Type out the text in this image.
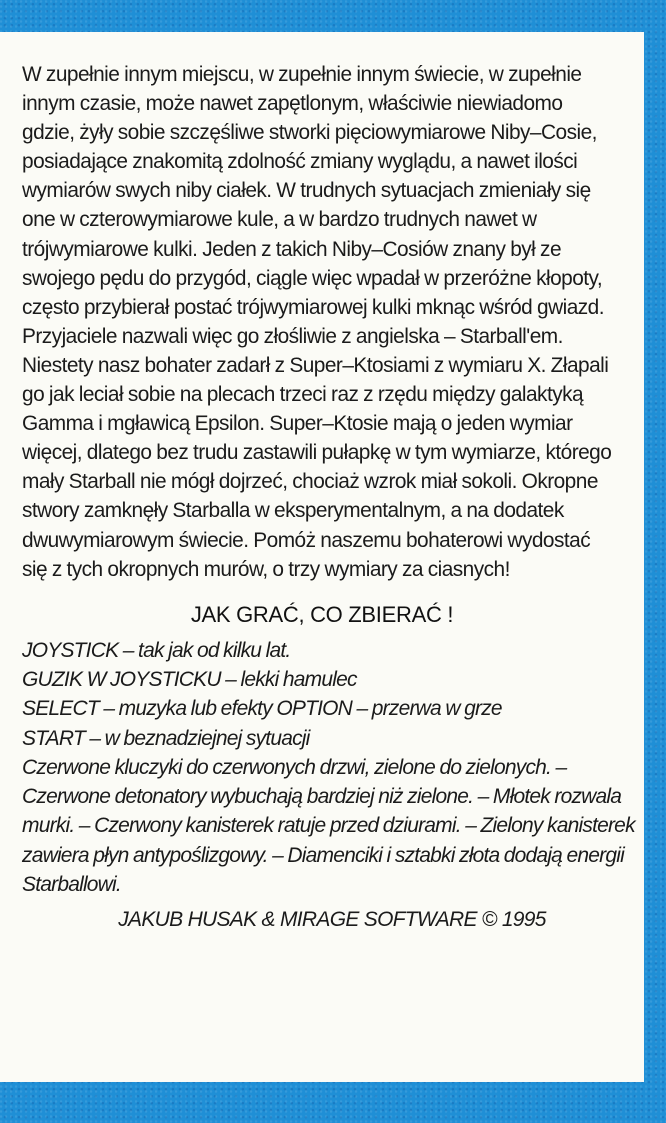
W zupełnie innym miejscu, w zupełnie innym świecie, w zupełnie innym czasie, może nawet zapętlonym, właściwie niewiadomo gdzie, żyły sobie szczęśliwe stworki pięciowymiarowe Niby–Cosie, posiadające znakomitą zdolność zmiany wyglądu, a nawet ilości wymiarów swych niby ciałek. W trudnych sytuacjach zmieniały się one w czterowymiarowe kule, a w bardzo trudnych nawet w trójwymiarowe kulki. Jeden z takich Niby–Cosiów znany był ze swojego pędu do przygód, ciągle więc wpadał w przeróżne kłopoty, często przybierał postać trójwymiarowej kulki mknąc wśród gwiazd. Przyjaciele nazwali więc go złośliwie z angielska – Starball'em. Niestety nasz bohater zadarł z Super–Ktosiami z wymiaru X. Złapali go jak leciał sobie na plecach trzeci raz z rzędu między galaktyką Gamma i mgławicą Epsilon. Super–Ktosie mają o jeden wymiar więcej, dlatego bez trudu zastawili pułapkę w tym wymiarze, którego mały Starball nie mógł dojrzeć, chociaż wzrok miał sokoli. Okropne stwory zamknęły Starballa w eksperymentalnym, a na dodatek dwuwymiarowym świecie. Pomóż naszemu bohaterowi wydostać się z tych okropnych murów, o trzy wymiary za ciasnych!

JAK GRAĆ, CO ZBIERAĆ !
JOYSTICK – tak jak od kilku lat.
GUZIK W JOYSTICKU – lekki hamulec
SELECT – muzyka lub efekty OPTION – przerwa w grze
START – w beznadziejnej sytuacji
Czerwone kluczyki do czerwonych drzwi, zielone do zielonych. – Czerwone detonatory wybuchają bardziej niż zielone. – Młotek rozwala murki. – Czerwony kanisterek ratuje przed dziurami. – Zielony kanisterek zawiera płyn antypoślizgowy. – Diamenciki i sztabki złota dodają energii Starballowi.
JAKUB HUSAK & MIRAGE SOFTWARE © 1995
